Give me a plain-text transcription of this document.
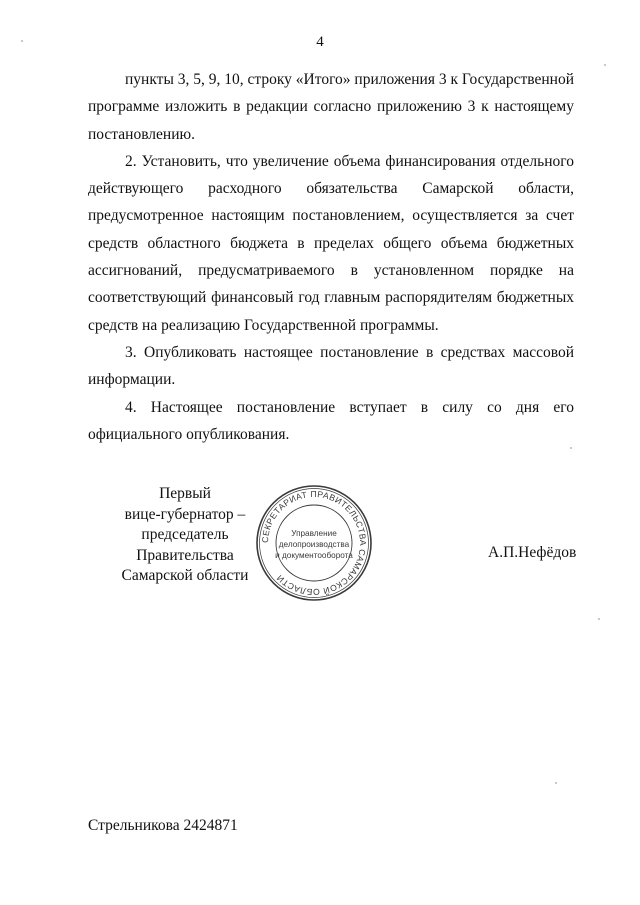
4

пункты 3, 5, 9, 10, строку «Итого» приложения 3 к Государственной программе изложить в редакции согласно приложению 3 к настоящему постановлению.

2. Установить, что увеличение объема финансирования отдельного действующего расходного обязательства Самарской области, предусмотренное настоящим постановлением, осуществляется за счет средств областного бюджета в пределах общего объема бюджетных ассигнований, предусматриваемого в установленном порядке на соответствующий финансовый год главным распорядителям бюджетных средств на реализацию Государственной программы.

3. Опубликовать настоящее постановление в средствах массовой информации.

4. Настоящее постановление вступает в силу со дня его официального опубликования.

Первый
вице-губернатор –
председатель Правительства
Самарской области
СЕКРЕТАРИАТ ПРАВИТЕЛЬСТВА САМАРСКОЙ ОБЛАСТИ
Управление
делопроизводства
и документооборота	А.П.Нефёдов
Стрельникова 2424871
